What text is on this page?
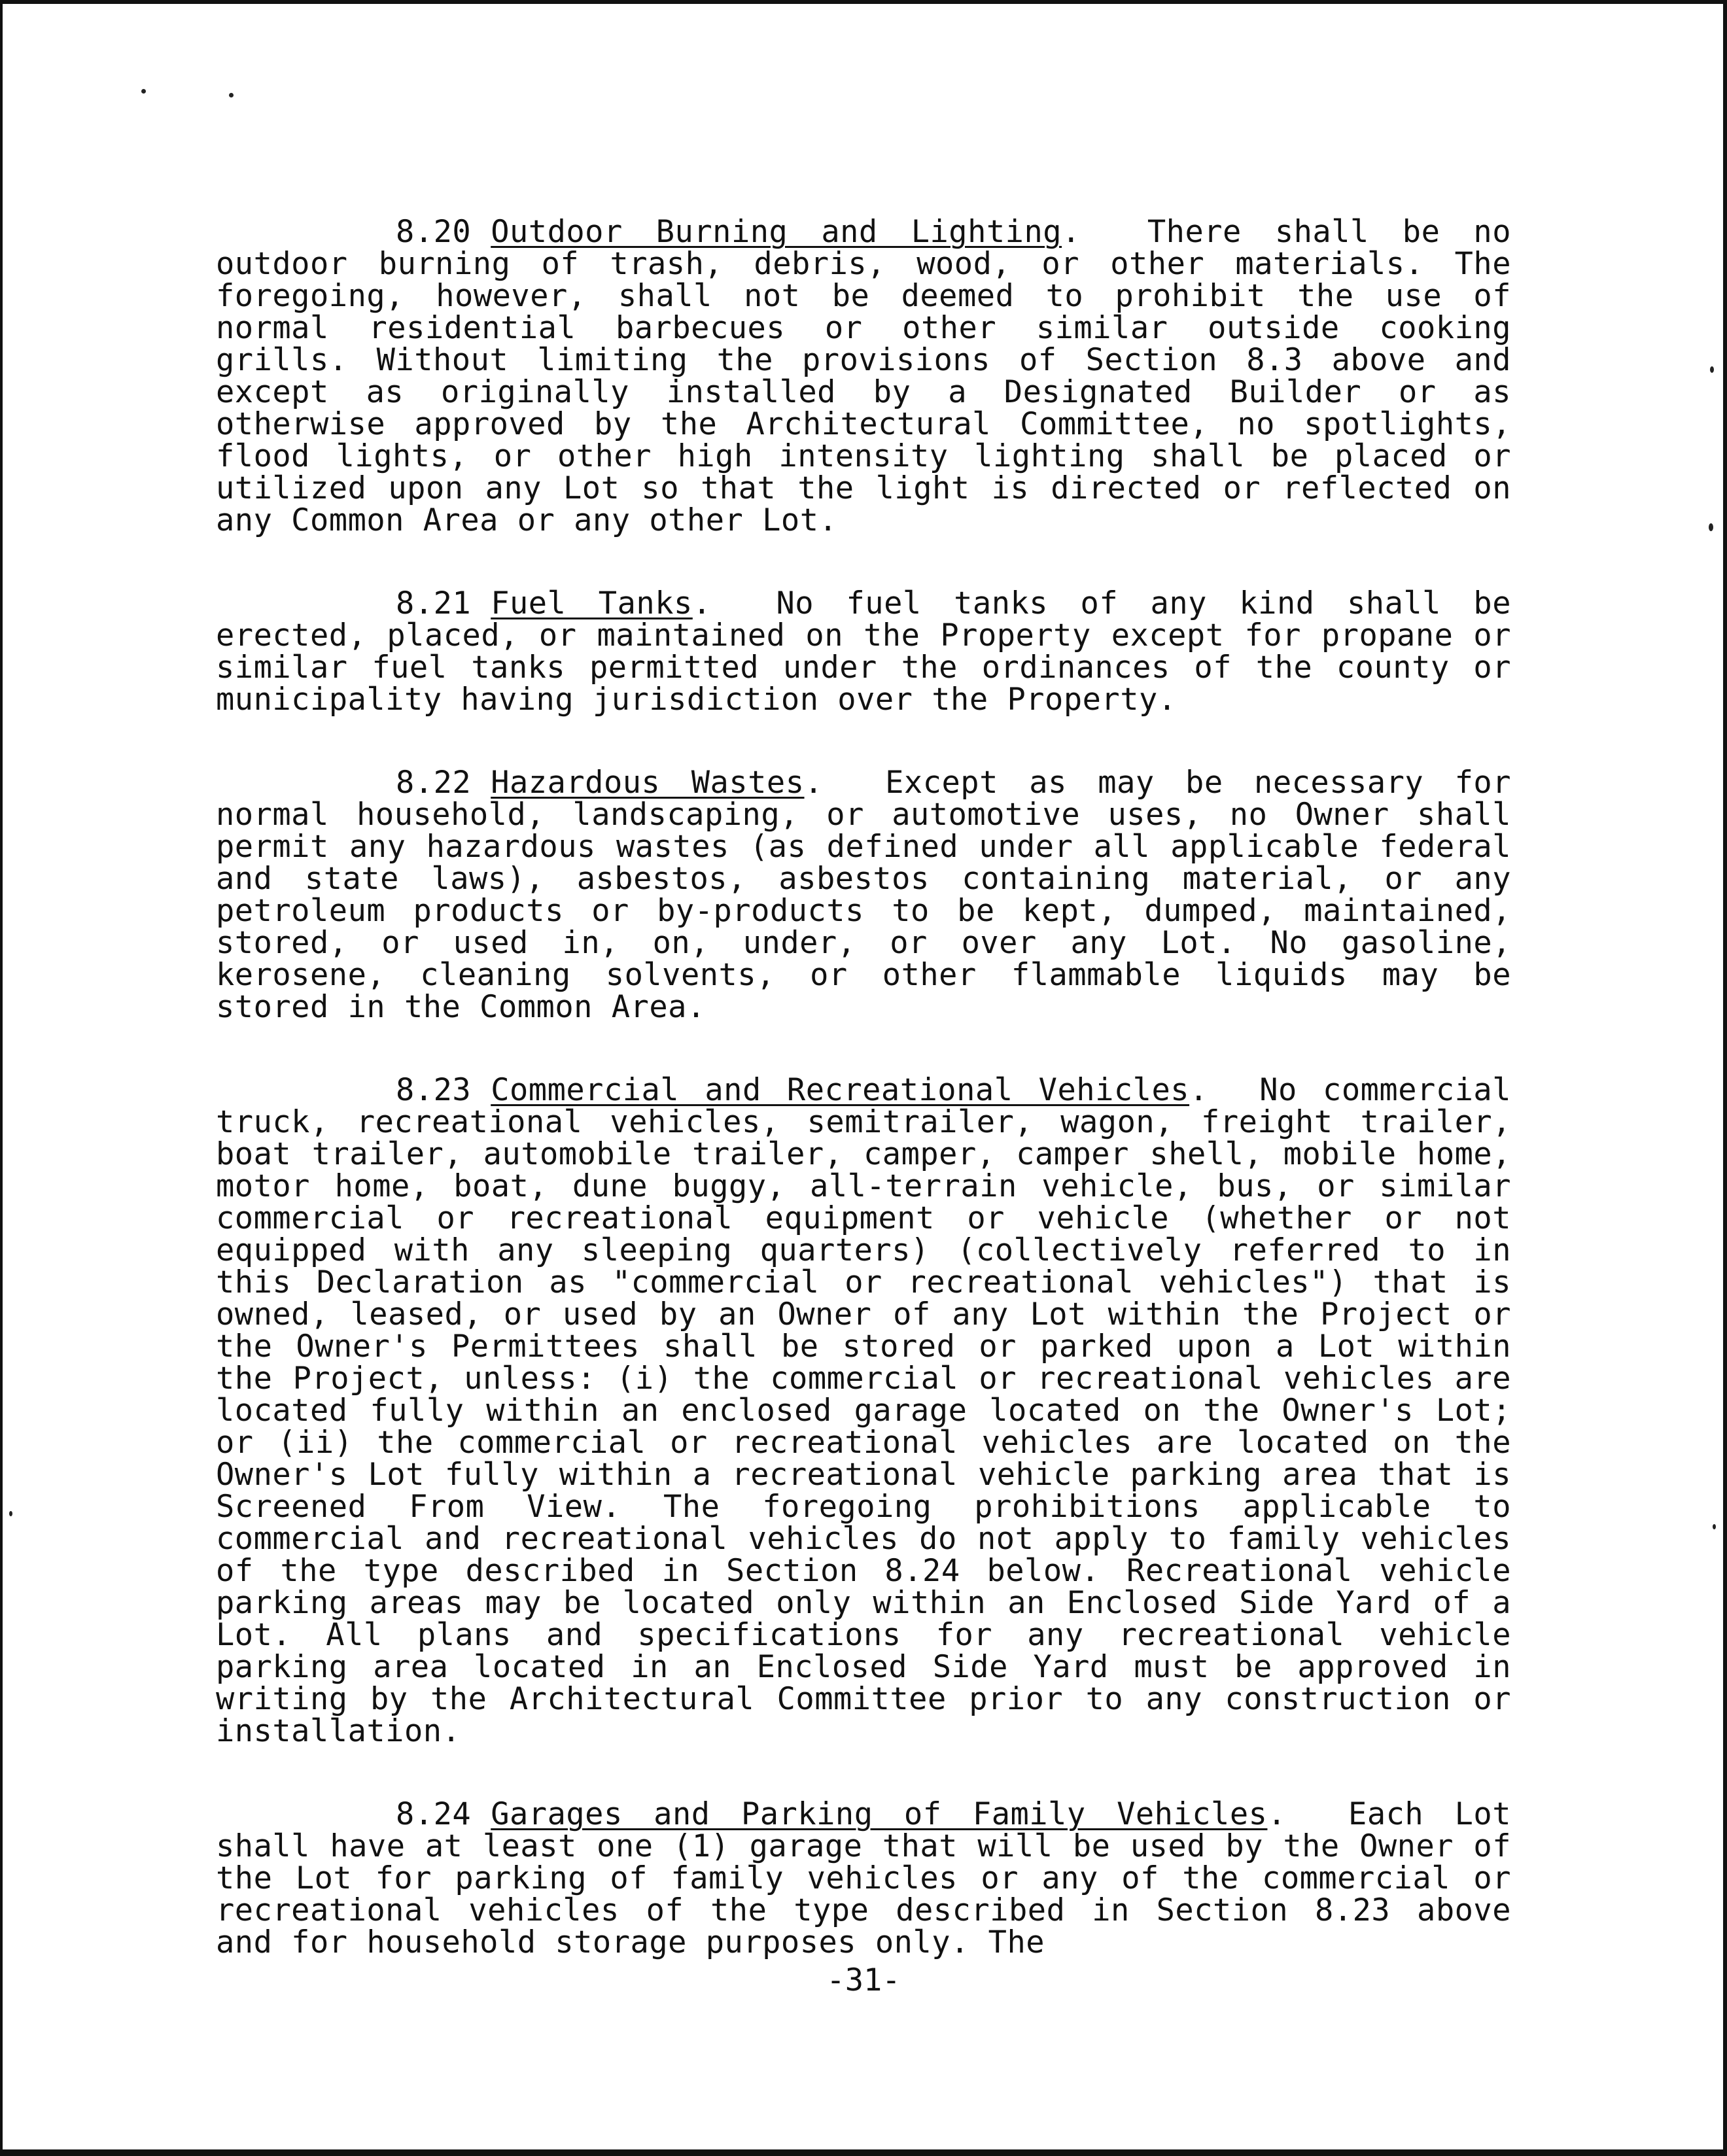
8.20 Outdoor Burning and Lighting.  There shall be no outdoor burning of trash, debris, wood, or other materials. The foregoing, however, shall not be deemed to prohibit the use of normal residential barbecues or other similar outside cooking grills. Without limiting the provisions of Section 8.3 above and except as originally installed by a Designated Builder or as otherwise approved by the Architectural Committee, no spotlights, flood lights, or other high intensity lighting shall be placed or utilized upon any Lot so that the light is directed or reflected on any Common Area or any other Lot.

8.21 Fuel Tanks.  No fuel tanks of any kind shall be erected, placed, or maintained on the Property except for propane or similar fuel tanks permitted under the ordinances of the county or municipality having jurisdiction over the Property.

8.22 Hazardous Wastes.  Except as may be necessary for normal household, landscaping, or automotive uses, no Owner shall permit any hazardous wastes (as defined under all applicable federal and state laws), asbestos, asbestos containing material, or any petroleum products or by-products to be kept, dumped, maintained, stored, or used in, on, under, or over any Lot. No gasoline, kerosene, cleaning solvents, or other flammable liquids may be stored in the Common Area.

8.23 Commercial and Recreational Vehicles.  No commercial truck, recreational vehicles, semitrailer, wagon, freight trailer, boat trailer, automobile trailer, camper, camper shell, mobile home, motor home, boat, dune buggy, all-terrain vehicle, bus, or similar commercial or recreational equipment or vehicle (whether or not equipped with any sleeping quarters) (collectively referred to in this Declaration as "commercial or recreational vehicles") that is owned, leased, or used by an Owner of any Lot within the Project or the Owner's Permittees shall be stored or parked upon a Lot within the Project, unless: (i) the commercial or recreational vehicles are located fully within an enclosed garage located on the Owner's Lot; or (ii) the commercial or recreational vehicles are located on the Owner's Lot fully within a recreational vehicle parking area that is Screened From View. The foregoing prohibitions applicable to commercial and recreational vehicles do not apply to family vehicles of the type described in Section 8.24 below. Recreational vehicle parking areas may be located only within an Enclosed Side Yard of a Lot. All plans and specifications for any recreational vehicle parking area located in an Enclosed Side Yard must be approved in writing by the Architectural Committee prior to any construction or installation.

8.24 Garages and Parking of Family Vehicles.  Each Lot shall have at least one (1) garage that will be used by the Owner of the Lot for parking of family vehicles or any of the commercial or recreational vehicles of the type described in Section 8.23 above and for household storage purposes only. The

-31-
